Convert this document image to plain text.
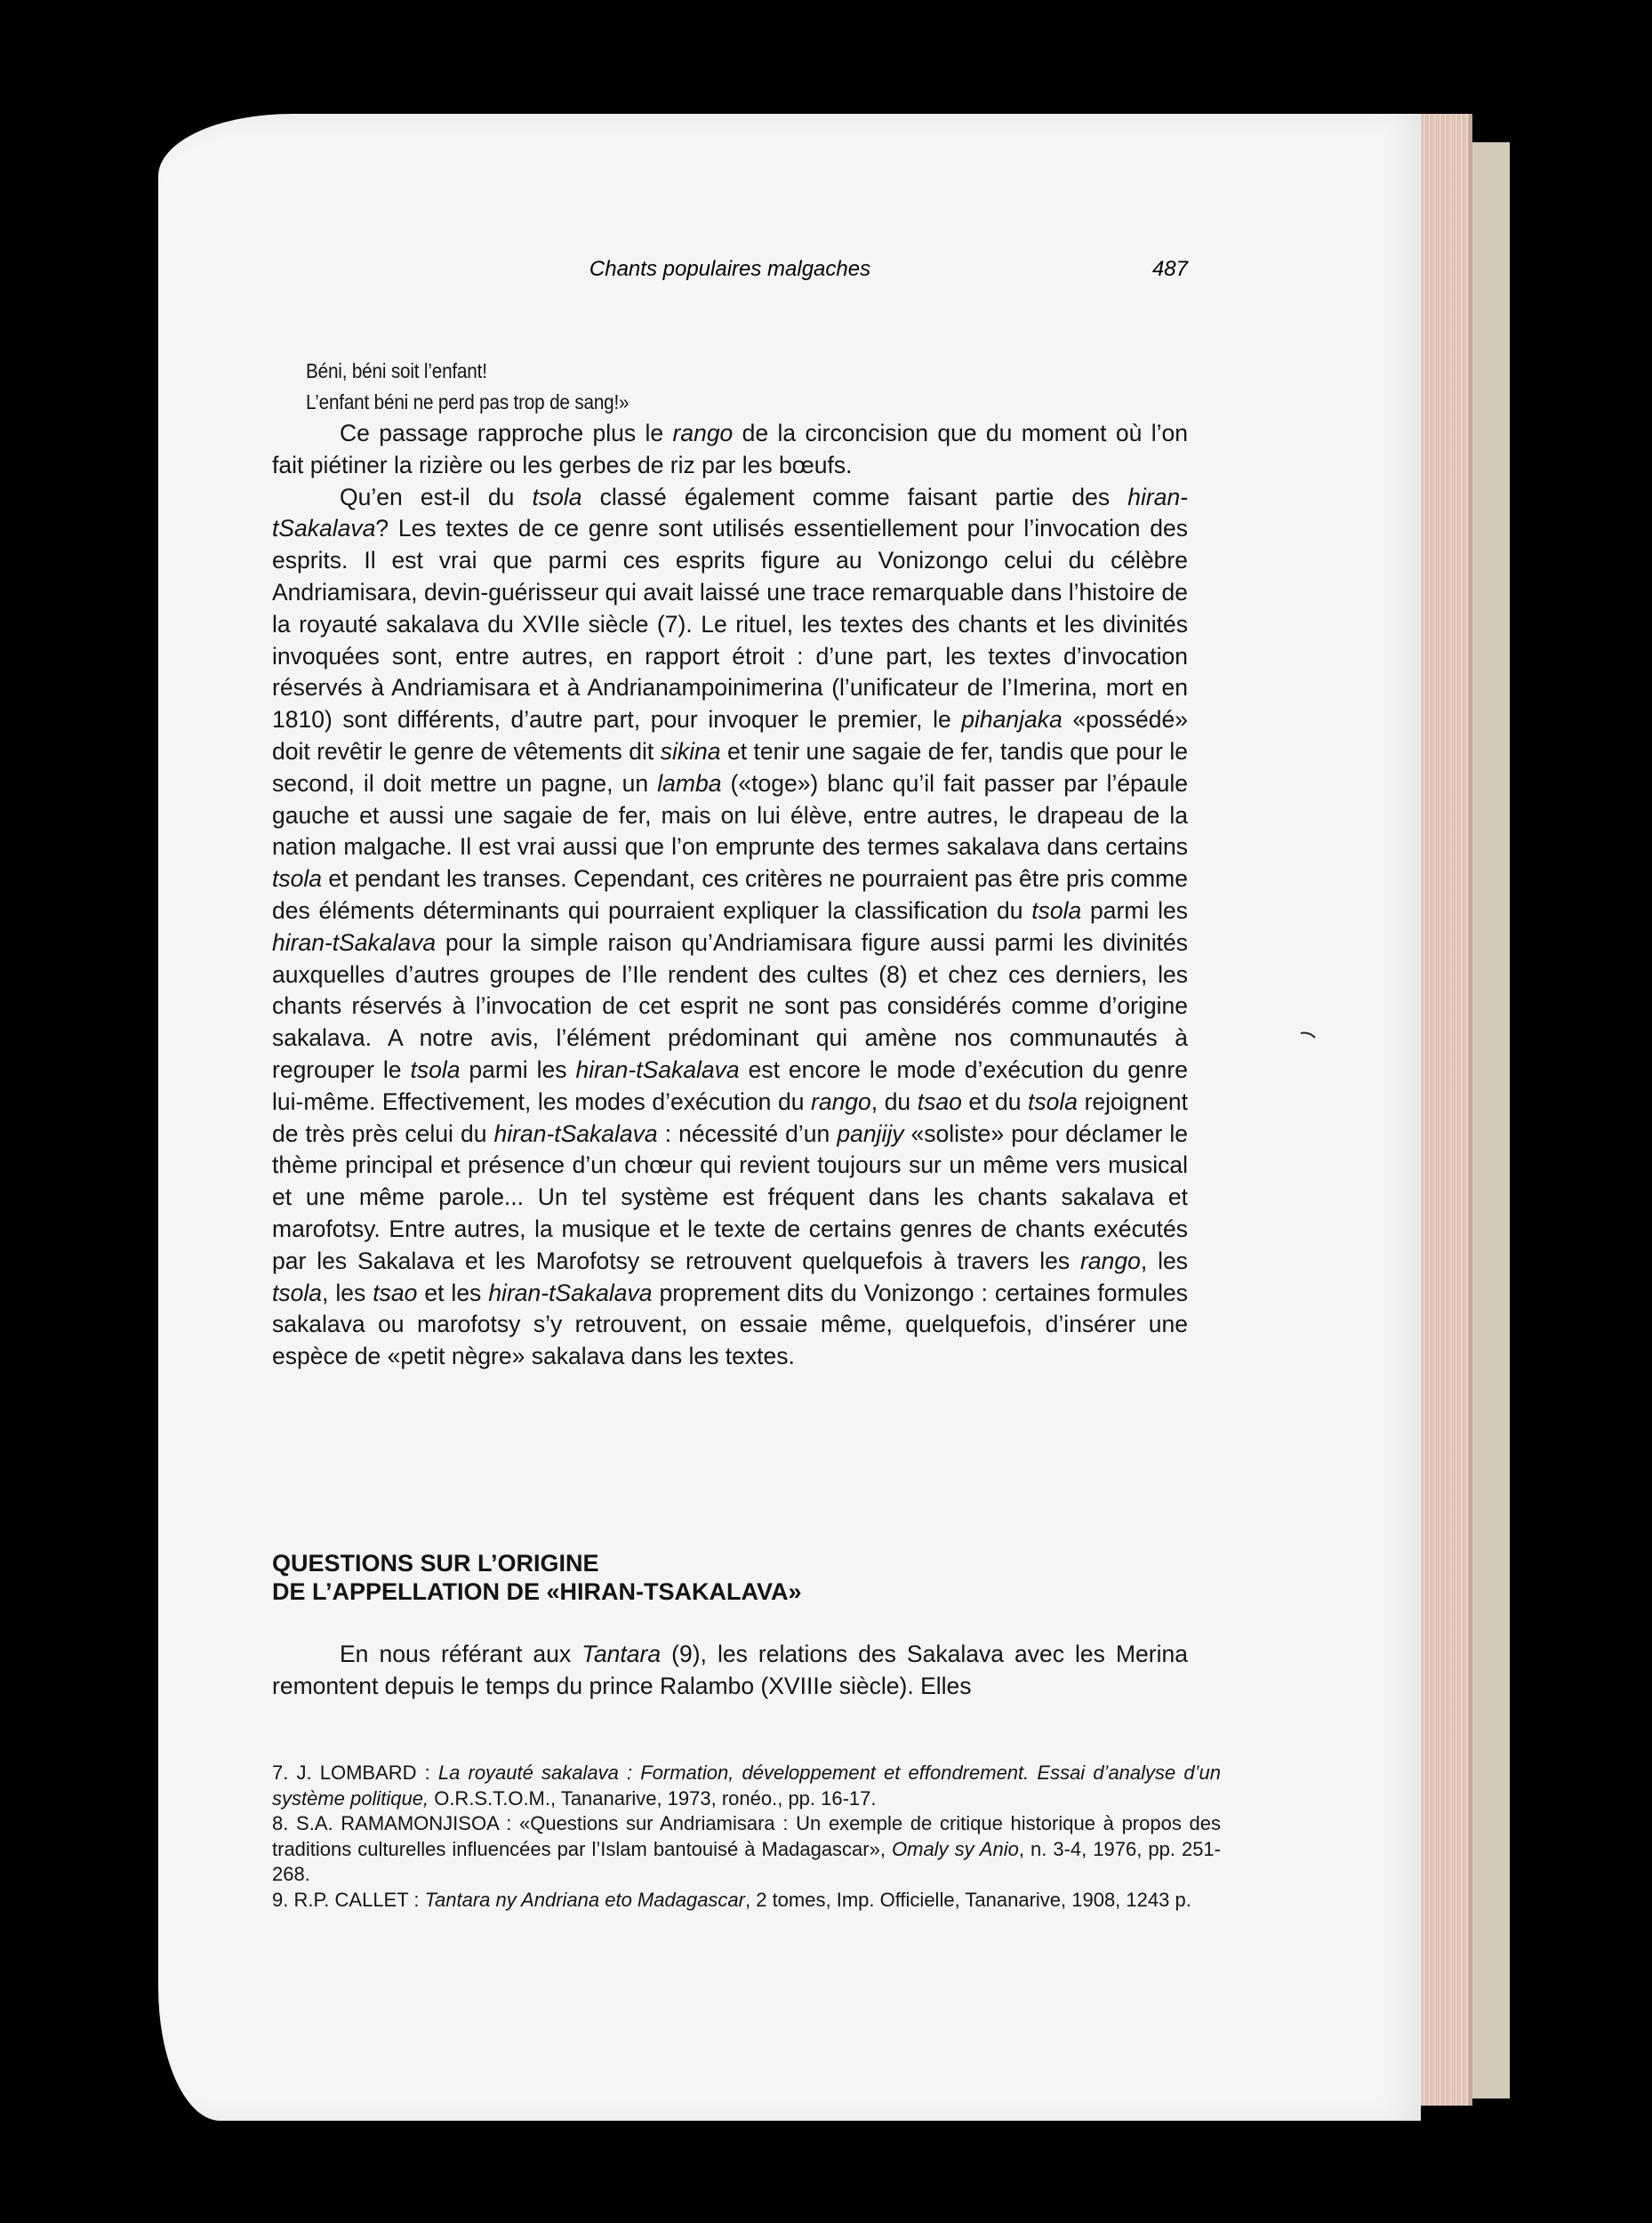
Chants populaires malgaches	487
Béni, béni soit l’enfant!
L’enfant béni ne perd pas trop de sang!»

Ce passage rapproche plus le rango de la circoncision que du moment où l’on fait piétiner la rizière ou les gerbes de riz par les bœufs.

Qu’en est-il du tsola classé également comme faisant partie des hiran-tSakalava? Les textes de ce genre sont utilisés essentiellement pour l’invocation des esprits. Il est vrai que parmi ces esprits figure au Vonizongo celui du célèbre Andriamisara, devin-guérisseur qui avait laissé une trace remarquable dans l’histoire de la royauté sakalava du XVIIe siècle (7). Le rituel, les textes des chants et les divinités invoquées sont, entre autres, en rapport étroit : d’une part, les textes d’invocation réservés à Andriamisara et à Andrianampoinimerina (l’unificateur de l’Imerina, mort en 1810) sont différents, d’autre part, pour invoquer le premier, le pihanjaka «possédé» doit revêtir le genre de vêtements dit sikina et tenir une sagaie de fer, tandis que pour le second, il doit mettre un pagne, un lamba («toge») blanc qu’il fait passer par l’épaule gauche et aussi une sagaie de fer, mais on lui élève, entre autres, le drapeau de la nation malgache. Il est vrai aussi que l’on emprunte des termes sakalava dans certains tsola et pendant les transes. Cependant, ces critères ne pourraient pas être pris comme des éléments déterminants qui pourraient expliquer la classification du tsola parmi les hiran-tSakalava pour la simple raison qu’Andriamisara figure aussi parmi les divinités auxquelles d’autres groupes de l’Ile rendent des cultes (8) et chez ces derniers, les chants réservés à l’invocation de cet esprit ne sont pas considérés comme d’origine sakalava. A notre avis, l’élément prédominant qui amène nos communautés à regrouper le tsola parmi les hiran-tSakalava est encore le mode d’exécution du genre lui-même. Effectivement, les modes d’exécution du rango, du tsao et du tsola rejoignent de très près celui du hiran-tSakalava : nécessité d’un panjijy «soliste» pour déclamer le thème principal et présence d’un chœur qui revient toujours sur un même vers musical et une même parole... Un tel système est fréquent dans les chants sakalava et marofotsy. Entre autres, la musique et le texte de certains genres de chants exécutés par les Sakalava et les Marofotsy se retrouvent quelquefois à travers les rango, les tsola, les tsao et les hiran-tSakalava proprement dits du Vonizongo : certaines formules sakalava ou marofotsy s’y retrouvent, on essaie même, quelquefois, d’insérer une espèce de «petit nègre» sakalava dans les textes.

QUESTIONS SUR L’ORIGINE
DE L’APPELLATION DE «HIRAN-TSAKALAVA»

En nous référant aux Tantara (9), les relations des Sakalava avec les Merina remontent depuis le temps du prince Ralambo (XVIIIe siècle). Elles

7. J. LOMBARD : La royauté sakalava : Formation, développement et effondrement. Essai d’analyse d’un système politique, O.R.S.T.O.M., Tananarive, 1973, ronéo., pp. 16-17.

8. S.A. RAMAMONJISOA : «Questions sur Andriamisara : Un exemple de critique historique à propos des traditions culturelles influencées par l’Islam bantouisé à Madagascar», Omaly sy Anio, n. 3-4, 1976, pp. 251-268.

9. R.P. CALLET : Tantara ny Andriana eto Madagascar, 2 tomes, Imp. Officielle, Tananarive, 1908, 1243 p.
